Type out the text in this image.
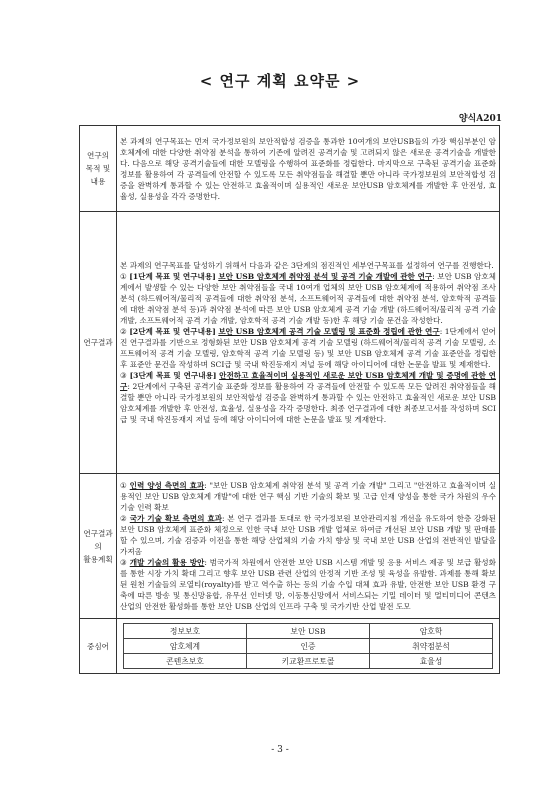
< 연구 계획 요약문 >
양식A201
연구의
목적 및 내용

본 과제의 연구목표는 먼저 국가정보원의 보안적합성 검증을 통과한 10여개의 보안USB들의 가장 핵심부분인 암호체계에 대한 다양한 취약점 분석을 통하여 기존에 알려진 공격기술 및 고려되지 않은 새로운 공격기술을 개발한다. 다음으로 해당 공격기술들에 대한 모델링을 수행하여 표준화를 정립한다. 마지막으로 구축된 공격기술 표준화 정보를 활용하여 각 공격들에 안전할 수 있도록 모든 취약점들을 해결할 뿐만 아니라 국가정보원의 보안적합성 검증을 완벽하게 통과할 수 있는 안전하고 효율적이며 실용적인 새로운 보안USB 암호체계를 개발한 후 안전성, 효율성, 실용성을 각각 증명한다.

연구결과	

본 과제의 연구목표를 달성하기 위해서 다음과 같은 3단계의 점진적인 세부연구목표를 설정하여 연구를 진행한다.

① [1단계 목표 및 연구내용] 보안 USB 암호체계 취약점 분석 및 공격 기술 개발에 관한 연구: 보안 USB 암호체계에서 발생할 수 있는 다양한 보안 취약점들을 국내 10여개 업체의 보안 USB 암호체계에 적용하여 취약점 조사 분석 (하드웨어적/물리적 공격들에 대한 취약점 분석, 소프트웨어적 공격들에 대한 취약점 분석, 암호학적 공격들에 대한 취약점 분석 등)과 취약점 분석에 따른 보안 USB 암호체계 공격 기술 개발 (하드웨어적/물리적 공격 기술 개발, 소프트웨어적 공격 기술 개발, 암호학적 공격 기술 개발 등)한 후 해당 기술 문건을 작성한다.

② [2단계 목표 및 연구내용] 보안 USB 암호체계 공격 기술 모델링 및 표준화 정립에 관한 연구: 1단계에서 얻어진 연구결과를 기반으로 정형화된 보안 USB 암호체계 공격 기술 모델링 (하드웨어적/물리적 공격 기술 모델링, 소프트웨어적 공격 기술 모델링, 암호학적 공격 기술 모델링 등) 및 보안 USB 암호체계 공격 기술 표준안을 정립한 후 표준안 문건을 작성하며 SCI급 및 국내 학진등재지 저널 등에 해당 아이디어에 대한 논문을 발표 및 제재한다.

③ [3단계 목표 및 연구내용] 안전하고 효율적이며 실용적인 새로운 보안 USB 암호체계 개발 및 증명에 관한 연구: 2단계에서 구축된 공격기술 표준화 정보를 활용하여 각 공격들에 안전할 수 있도록 모든 알려진 취약점들을 해결할 뿐만 아니라 국가정보원의 보안적합성 검증을 완벽하게 통과할 수 있는 안전하고 효율적인 새로운 보안 USB 암호체계를 개발한 후 안전성, 효율성, 실용성을 각각 증명한다. 최종 연구결과에 대한 최종보고서를 작성하며 SCI급 및 국내 학진등재지 저널 등에 해당 아이디어에 대한 논문을 발표 및 게재한다.

연구결과의
활용계획

① 인력 양성 측면의 효과: "보안 USB 암호체계 취약점 분석 및 공격 기술 개발" 그리고 "안전하고 효율적이며 실용적인 보안 USB 암호체계 개발"에 대한 연구 핵심 기반 기술의 확보 및 고급 인재 양성을 통한 국가 차원의 우수 기술 인력 확보

② 국가 기술 확보 측면의 효과: 본 연구 결과를 토대로 한 국가정보원 보안관리지침 개선을 유도하여 한층 강화된 보안 USB 암호체계 표준화 체정으로 인한 국내 보안 USB 개발 업체로 하여금 개선된 보안 USB 개발 및 판매를 할 수 있으며, 기술 검증과 이전을 통한 해당 산업체의 기술 가치 향상 및 국내 보안 USB 산업의 전반적인 발달을 가져옴

③ 개발 기술의 활용 방안: 범국가적 차원에서 안전한 보안 USB 시스템 개발 및 응용 서비스 제공 및 보급 활성화를 통한 시장 가치 확대 그리고 향후 보안 USB 관련 산업의 안정적 기반 조성 및 육성을 유발함. 과제를 통해 확보된 원천 기술들의 로열티(royalty)를 받고 역수출 하는 등의 기술 수입 대체 효과 유발, 안전한 보안 USB 환경 구축에 따른 방송 및 통신망융합, 유무선 인터넷 망, 이동통신망에서 서비스되는 기밀 데이터 및 멀티미디어 콘텐츠 산업의 안전한 활성화를 통한 보안 USB 산업의 인프라 구축 및 국가기반 산업 발전 도모

중심어	
정보보호	보안 USB	암호학
암호체계	인증	취약점분석
콘텐츠보호	키교환프로토콜	효율성
- 3 -
